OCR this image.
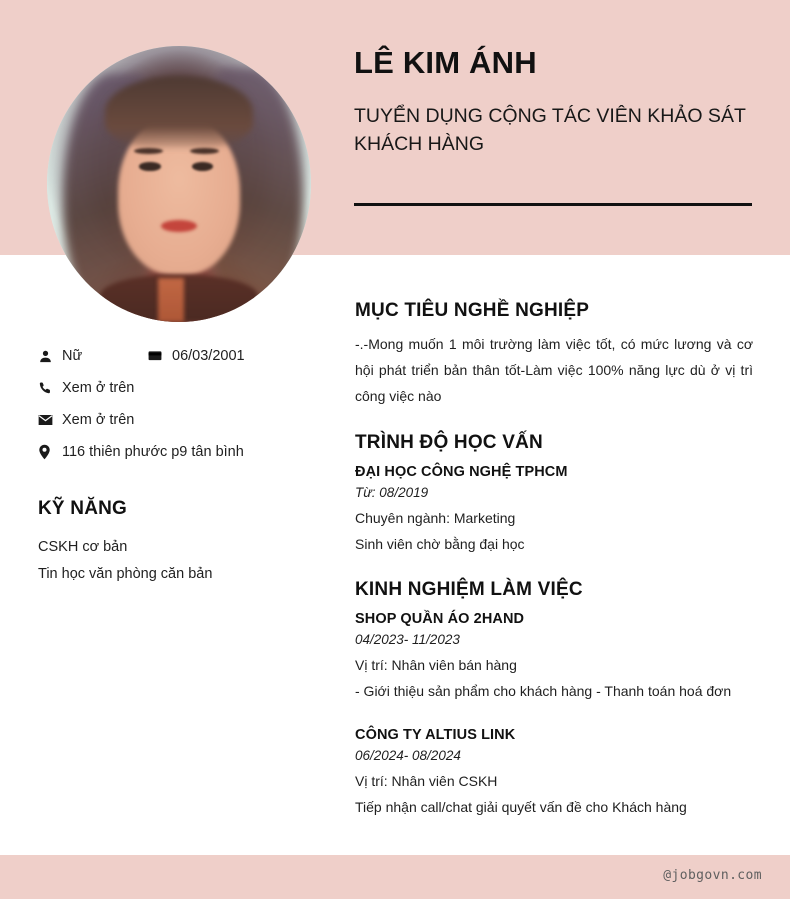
LÊ KIM ÁNH
TUYỂN DỤNG CỘNG TÁC VIÊN KHẢO SÁT KHÁCH HÀNG
Nữ	06/03/2001
Xem ở trên
Xem ở trên
116 thiên phước p9 tân bình
KỸ NĂNG
CSKH cơ bản
Tin học văn phòng căn bản
MỤC TIÊU NGHỀ NGHIỆP

-.-Mong muốn 1 môi trường làm việc tốt, có mức lương và cơ hội phát triển bản thân tốt-Làm việc 100% năng lực dù ở vị trì công việc nào

TRÌNH ĐỘ HỌC VẤN
ĐẠI HỌC CÔNG NGHỆ TPHCM
Từ: 08/2019

Chuyên ngành: Marketing

Sinh viên chờ bằng đại học

KINH NGHIỆM LÀM VIỆC
SHOP QUẦN ÁO 2HAND
04/2023- 11/2023

Vị trí: Nhân viên bán hàng

- Giới thiệu sản phẩm cho khách hàng - Thanh toán hoá đơn

CÔNG TY ALTIUS LINK
06/2024- 08/2024

Vị trí: Nhân viên CSKH

Tiếp nhận call/chat giải quyết vấn đề cho Khách hàng

@jobgovn.com
